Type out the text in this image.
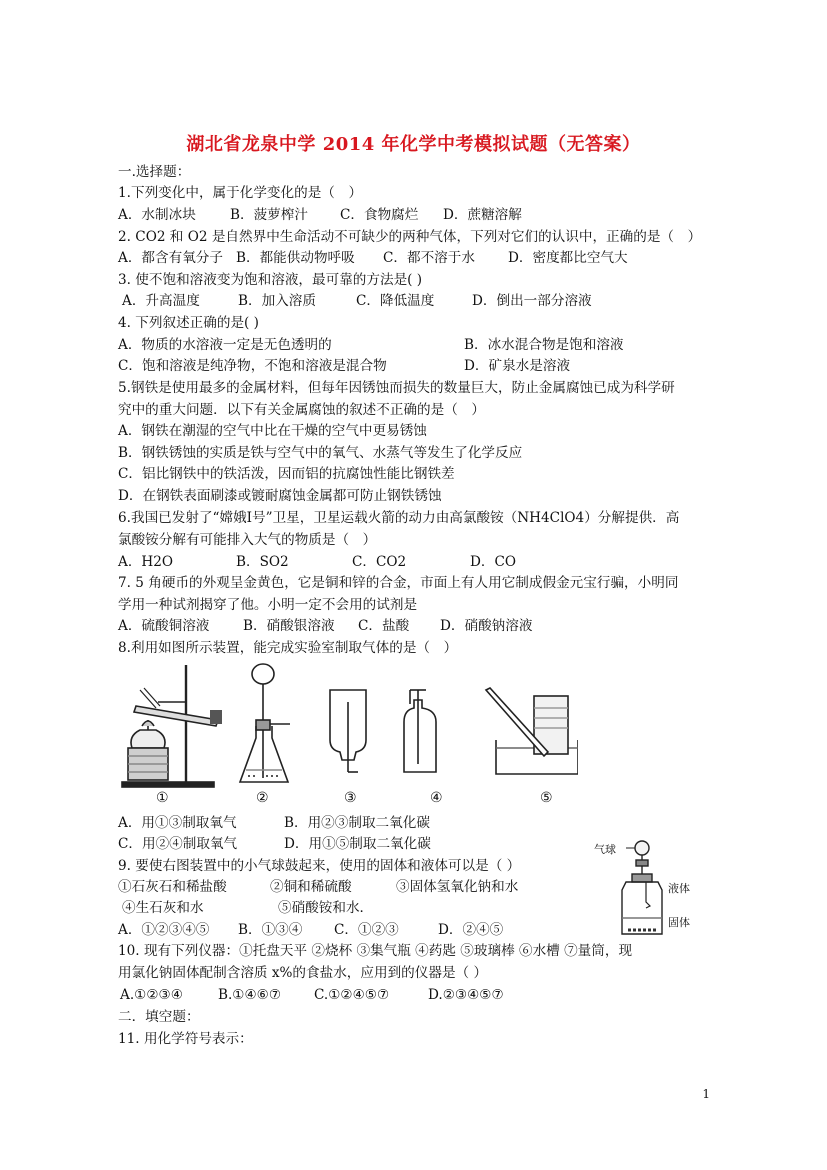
湖北省龙泉中学 2014 年化学中考模拟试题（无答案）
一.选择题：
1.下列变化中，属于化学变化的是（　）
A．水制冰块	B．菠萝榨汁 C．食物腐烂 D．蔗糖溶解
2. CO2 和 O2 是自然界中生命活动不可缺少的两种气体，下列对它们的认识中，正确的是（　）
A．都含有氧分子 B．都能供动物呼吸 C．都不溶于水 D．密度都比空气大
3. 使不饱和溶液变为饱和溶液，最可靠的方法是( )
A．升高温度	B．加入溶质	C．降低温度	D．倒出一部分溶液
4. 下列叙述正确的是( )
A．物质的水溶液一定是无色透明的	B．冰水混合物是饱和溶液
C．饱和溶液是纯净物，不饱和溶液是混合物	D．矿泉水是溶液
5.钢铁是使用最多的金属材料，但每年因锈蚀而损失的数量巨大，防止金属腐蚀已成为科学研
究中的重大问题．以下有关金属腐蚀的叙述不正确的是（　）
A．钢铁在潮湿的空气中比在干燥的空气中更易锈蚀
B．钢铁锈蚀的实质是铁与空气中的氧气、水蒸气等发生了化学反应
C．铝比钢铁中的铁活泼，因而铝的抗腐蚀性能比钢铁差
D．在钢铁表面刷漆或镀耐腐蚀金属都可防止钢铁锈蚀
6.我国已发射了“嫦娥Ⅰ号”卫星，卫星运载火箭的动力由高氯酸铵（NH4ClO4）分解提供．高
氯酸铵分解有可能排入大气的物质是（　）
A．H2O	B．SO2	C．CO2	D．CO
7. 5 角硬币的外观呈金黄色，它是铜和锌的合金，市面上有人用它制成假金元宝行骗，小明同
学用一种试剂揭穿了他。小明一定不会用的试剂是
A．硫酸铜溶液 B．硝酸银溶液 C．盐酸 D．硝酸钠溶液
8.利用如图所示装置，能完成实验室制取气体的是（　）
①	②	③	④	⑤
A．用①③制取氧气	B．用②③制取二氧化碳
C．用②④制取氧气	D．用①⑤制取二氧化碳
9. 要使右图装置中的小气球鼓起来，使用的固体和液体可以是（ ）
①石灰石和稀盐酸	②铜和稀硫酸	③固体氢氧化钠和水
④生石灰和水	⑤硝酸铵和水．
A．①②③④⑤ B．①③④ C．①②③	D．②④⑤
气球
液体
固体
10. 现有下列仪器：①托盘天平 ②烧杯 ③集气瓶 ④药匙 ⑤玻璃棒 ⑥水槽 ⑦量筒，现
用氯化钠固体配制含溶质 x%的食盐水，应用到的仪器是（ ）
A.①②③④	B.①④⑥⑦ C.①②④⑤⑦	D.②③④⑤⑦
二．填空题：
11. 用化学符号表示：
1
